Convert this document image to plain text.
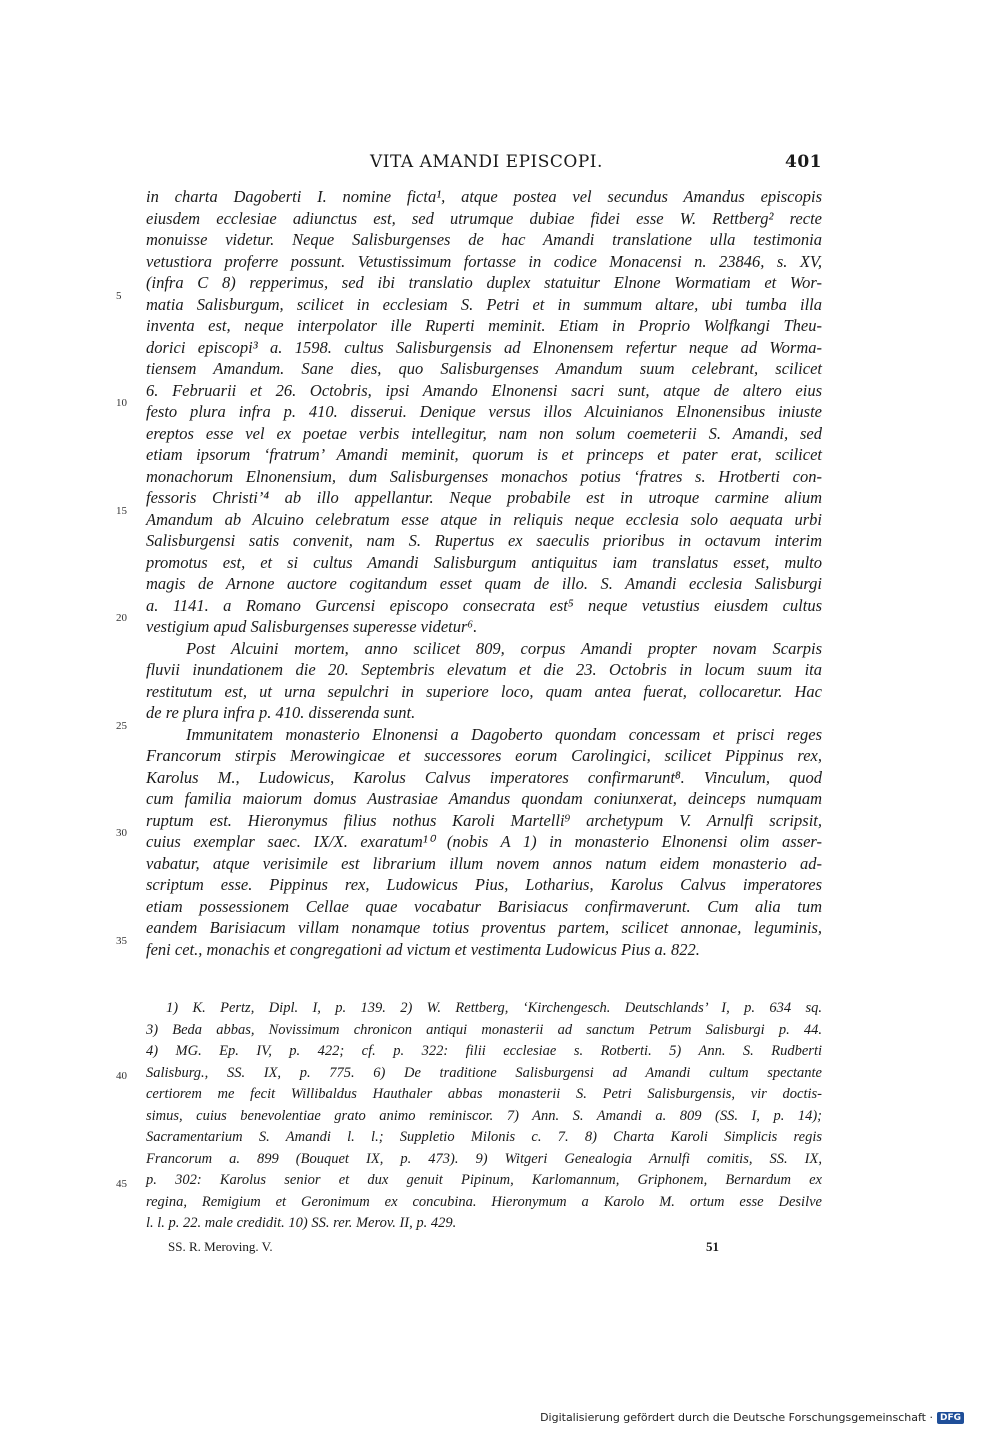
VITA AMANDI EPISCOPI.	401
in charta Dagoberti I. nomine ficta¹, atque postea vel secundus Amandus episcopis
eiusdem ecclesiae adiunctus est, sed utrumque dubiae fidei esse W. Rettberg² recte
monuisse videtur. Neque Salisburgenses de hac Amandi translatione ulla testimonia
vetustiora proferre possunt. Vetustissimum fortasse in codice Monacensi n. 23846, s. XV,
(infra C 8) repperimus, sed ibi translatio duplex statuitur Elnone Wormatiam et Wor-
matia Salisburgum, scilicet in ecclesiam S. Petri et in summum altare, ubi tumba illa
inventa est, neque interpolator ille Ruperti meminit. Etiam in Proprio Wolfkangi Theu-
dorici episcopi³ a. 1598. cultus Salisburgensis ad Elnonensem refertur neque ad Worma-
tiensem Amandum. Sane dies, quo Salisburgenses Amandum suum celebrant, scilicet
6. Februarii et 26. Octobris, ipsi Amando Elnonensi sacri sunt, atque de altero eius
festo plura infra p. 410. disserui. Denique versus illos Alcuinianos Elnonensibus iniuste
ereptos esse vel ex poetae verbis intellegitur, nam non solum coemeterii S. Amandi, sed
etiam ipsorum ‘fratrum’ Amandi meminit, quorum is et princeps et pater erat, scilicet
monachorum Elnonensium, dum Salisburgenses monachos potius ‘fratres s. Hrotberti con-
fessoris Christi’⁴ ab illo appellantur. Neque probabile est in utroque carmine alium
Amandum ab Alcuino celebratum esse atque in reliquis neque ecclesia solo aequata urbi
Salisburgensi satis convenit, nam S. Rupertus ex saeculis prioribus in octavum interim
promotus est, et si cultus Amandi Salisburgum antiquitus iam translatus esset, multo
magis de Arnone auctore cogitandum esset quam de illo. S. Amandi ecclesia Salisburgi
a. 1141. a Romano Gurcensi episcopo consecrata est⁵ neque vetustius eiusdem cultus
vestigium apud Salisburgenses superesse videtur⁶.
Post Alcuini mortem, anno scilicet 809, corpus Amandi propter novam Scarpis
fluvii inundationem die 20. Septembris elevatum et die 23. Octobris in locum suum ita
restitutum est, ut urna sepulchri in superiore loco, quam antea fuerat, collocaretur. Hac
de re plura infra p. 410. disserenda sunt.
Immunitatem monasterio Elnonensi a Dagoberto quondam concessam et prisci reges
Francorum stirpis Merowingicae et successores eorum Carolingici, scilicet Pippinus rex,
Karolus M., Ludowicus, Karolus Calvus imperatores confirmarunt⁸. Vinculum, quod
cum familia maiorum domus Austrasiae Amandus quondam coniunxerat, deinceps numquam
ruptum est. Hieronymus filius nothus Karoli Martelli⁹ archetypum V. Arnulfi scripsit,
cuius exemplar saec. IX/X. exaratum¹⁰ (nobis A 1) in monasterio Elnonensi olim asser-
vabatur, atque verisimile est librarium illum novem annos natum eidem monasterio ad-
scriptum esse. Pippinus rex, Ludowicus Pius, Lotharius, Karolus Calvus imperatores
etiam possessionem Cellae quae vocabatur Barisiacus confirmaverunt. Cum alia tum
eandem Barisiacum villam nonamque totius proventus partem, scilicet annonae, leguminis,
feni cet., monachis et congregationi ad victum et vestimenta Ludowicus Pius a. 822.
5
10
15
20
25
30
35
1) K. Pertz, Dipl. I, p. 139. 2) W. Rettberg, ‘Kirchengesch. Deutschlands’ I, p. 634 sq.
3) Beda abbas, Novissimum chronicon antiqui monasterii ad sanctum Petrum Salisburgi p. 44.
4) MG. Ep. IV, p. 422; cf. p. 322: filii ecclesiae s. Rotberti. 5) Ann. S. Rudberti
Salisburg., SS. IX, p. 775. 6) De traditione Salisburgensi ad Amandi cultum spectante
certiorem me fecit Willibaldus Hauthaler abbas monasterii S. Petri Salisburgensis, vir doctis-
simus, cuius benevolentiae grato animo reminiscor. 7) Ann. S. Amandi a. 809 (SS. I, p. 14);
Sacramentarium S. Amandi l. l.; Suppletio Milonis c. 7. 8) Charta Karoli Simplicis regis
Francorum a. 899 (Bouquet IX, p. 473). 9) Witgeri Genealogia Arnulfi comitis, SS. IX,
p. 302: Karolus senior et dux genuit Pipinum, Karlomannum, Griphonem, Bernardum ex
regina, Remigium et Geronimum ex concubina. Hieronymum a Karolo M. ortum esse Desilve
l. l. p. 22. male credidit. 10) SS. rer. Merov. II, p. 429.
40
45
SS. R. Meroving. V.	51
Digitalisierung gefördert durch die Deutsche Forschungsgemeinschaft · DFG
